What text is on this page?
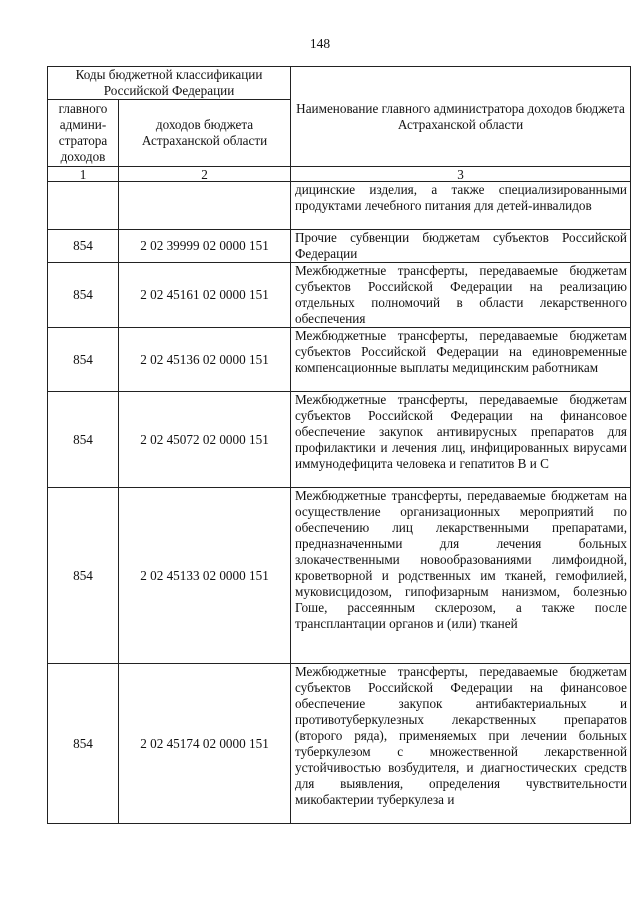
148
Коды бюджетной классификации Российской Федерации		Наименование главного администратора доходов бюджета Астраханской области
главного админи-стратора доходов	доходов бюджета Астраханской области	
1	2	3
		дицинские изделия, а также специализированными продуктами лечебного питания для детей-инвалидов
854	2 02 39999 02 0000 151	Прочие субвенции бюджетам субъектов Российской Федерации
854	2 02 45161 02 0000 151	Межбюджетные трансферты, передаваемые бюджетам субъектов Российской Федерации на реализацию отдельных полномочий в области лекарственного обеспечения
854	2 02 45136 02 0000 151	Межбюджетные трансферты, передаваемые бюджетам субъектов Российской Федерации на единовременные компенсационные выплаты медицинским работникам
854	2 02 45072 02 0000 151	Межбюджетные трансферты, передаваемые бюджетам субъектов Российской Федерации на финансовое обеспечение закупок антивирусных препаратов для профилактики и лечения лиц, инфицированных вирусами иммунодефицита человека и гепатитов B и C
854	2 02 45133 02 0000 151	Межбюджетные трансферты, передаваемые бюджетам на осуществление организационных мероприятий по обеспечению лиц лекарственными препаратами, предназначенными для лечения больных злокачественными новообразованиями лимфоидной, кроветворной и родственных им тканей, гемофилией, муковисцидозом, гипофизарным нанизмом, болезнью Гоше, рассеянным склерозом, а также после трансплантации органов и (или) тканей
854	2 02 45174 02 0000 151	Межбюджетные трансферты, передаваемые бюджетам субъектов Российской Федерации на финансовое обеспечение закупок антибактериальных и противотуберкулезных лекарственных препаратов (второго ряда), применяемых при лечении больных туберкулезом с множественной лекарственной устойчивостью возбудителя, и диагностических средств для выявления, определения чувствительности микобактерии туберкулеза и
